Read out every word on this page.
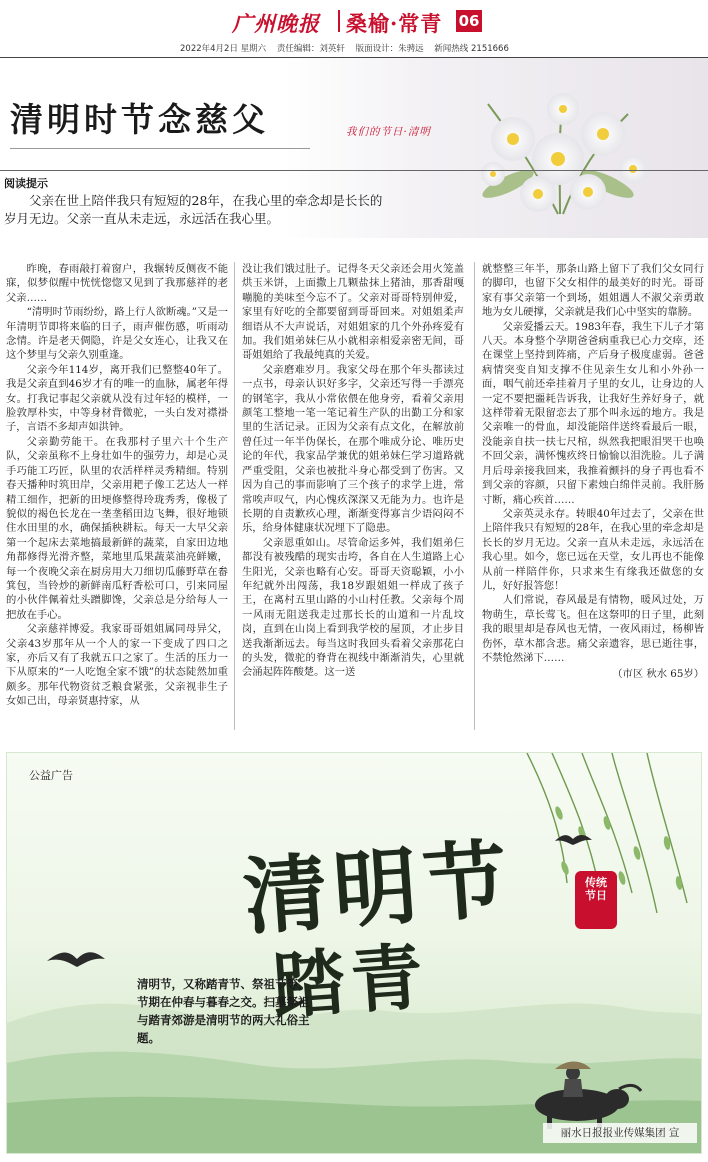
广州晚报 桑榆·常青 06
2022年4月2日 星期六 责任编辑：刘英轩 版面设计：朱骋远 新闻热线 2151666
清明时节念慈父	我们的节日·清明
阅读提示

父亲在世上陪伴我只有短短的28年，在我心里的牵念却是长长的岁月无边。父亲一直从未走远，永远活在我心里。

昨晚，春雨敲打着窗户，我辗转反侧夜不能寐，似梦似醒中恍恍惚惚又见到了我那慈祥的老父亲……

“清明时节雨纷纷，路上行人欲断魂。”又是一年清明节即将来临的日子，雨声催伤感，听雨动念情。许是老天倜隐，许是父女连心，让我又在这个梦里与父亲久别重逢。

父亲今年114岁，离开我们已整整40年了。我是父亲直到46岁才有的唯一的血脉，属老年得女。打我记事起父亲就从没有过年轻的模样，一脸敦厚朴实，中等身材背微驼，一头白发对襟褂子，言语不多却声如洪钟。

父亲勤劳能干。在我那村子里六十个生产队，父亲虽称不上身壮如牛的强劳力，却是心灵手巧能工巧匠，队里的农活样样灵秀精细。特别春天播种时筑田岸，父亲用耙子像工艺达人一样精工细作，把新的田埂修整得玲珑秀秀，像极了貌似的褐色长龙在一垄垄稻田边飞舞，很好地锁住水田里的水，确保插秧耕耘。每天一大早父亲第一个起床去菜地搞最新鲜的蔬菜，自家田边地角都修得光滑齐整，菜地里瓜果蔬菜油亮鲜嫩，每一个夜晚父亲在厨房用大刀细切瓜藤野草在畚箕包，当铃炒的新鲜南瓜籽香松可口，引来同屋的小伙伴佩着灶头蹭脚馋，父亲总是分给每人一把放在手心。

父亲慈祥博爱。我家哥哥姐姐属同母异父，父亲43岁那年从一个人的家一下变成了四口之家，亦后又有了我就五口之家了。生活的压力一下从原来的“一人吃饱全家不饿”的状态陡然加重颇多。那年代物资贫乏粮食紧张，父亲视非生子女如己出，母亲贤惠持家，从

没让我们饿过肚子。记得冬天父亲还会用火笼盖烘玉米饼，上面撒上几颗盐抹上猪油，那香甜嘎嘣脆的美味至今忘不了。父亲对哥哥特别伸爱，家里有好吃的全都要留到哥哥回来。对姐姐柔声细语从不大声说话，对姐姐家的几个外孙疼爱有加。我们姐弟妹仨从小就相亲相爱亲密无间，哥哥姐姐给了我最纯真的关爱。

父亲磨难岁月。我家父母在那个年头都读过一点书，母亲认识好多字，父亲还写得一手漂亮的钢笔字，我从小常依偎在他身旁，看着父亲用颜笔工整地一笔一笔记着生产队的出勤工分和家里的生活记录。正因为父亲有点文化，在解放前曾任过一年半伪保长，在那个唯成分论、唯历史论的年代，我家品学兼优的姐弟妹仨学习道路就严重受阻，父亲也被批斗身心都受到了伤害。又因为自己的事而影响了三个孩子的求学上进，常常唉声叹气，内心愧疚深深又无能为力。也许是长期的自责歉疚心理，渐渐变得寡言少语闷闷不乐，给身体健康状况埋下了隐患。

父亲恩重如山。尽管命运多舛，我们姐弟仨都没有被残酷的现实击垮，各自在人生道路上心生阳光，父亲也略有心安。哥哥天资聪颖，小小年纪就外出闯荡，我18岁跟姐姐一样成了孩子王，在离村五里山路的小山村任教。父亲每个周一风雨无阻送我走过那长长的山道和一片乱坟岗，直到在山岗上看到我学校的屋顶，才止步目送我渐渐远去。每当这时我回头看着父亲那花白的头发，微驼的脊背在视线中渐渐消失，心里就会涌起阵阵酸楚。这一送

就整整三年半，那条山路上留下了我们父女同行的脚印，也留下父女相伴的最美好的时光。哥哥家有事父亲第一个到场，姐姐遇人不淑父亲勇敢地为女儿硬撑，父亲就是我们心中坚实的靠膀。

父亲爱播云天。1983年春，我生下儿子才第八天。本身整个孕期爸爸病重我已心力交瘁，还在课堂上坚持到阵痛，产后身子极度虚弱。爸爸病情突变自知支撑不住见亲生女儿和小外孙一面，咽气前还牵挂着月子里的女儿，让身边的人一定不要把噩耗告诉我，让我好生养好身子，就这样带着无限留恋去了那个叫永远的地方。我是父亲唯一的骨血，却没能陪伴送终看最后一眼，没能亲自扶一扶七尺棺，纵然我把眼泪哭干也唤不回父亲，满怀愧疚终日愉愉以泪洗脸。儿子满月后母亲接我回来，我推着颤抖的身子再也看不到父亲的容颜，只留下素烛白绵伴灵前。我肝肠寸断，痛心疾首……

父亲英灵永存。转眼40年过去了，父亲在世上陪伴我只有短短的28年，在我心里的牵念却是长长的岁月无边。父亲一直从未走远，永远活在我心里。如今，您已远在天堂，女儿再也不能像从前一样陪伴你，只求来生有缘我还做您的女儿，好好报答您！

人们常说，春风最是有情物，暖风过处，万物萌生，草长莺飞。但在这祭叩的日子里，此刻我的眼里却是春风也无情，一夜风雨过，杨柳皆伤怀，草木都含悲。痛父亲遗容，思已逝往事，不禁怆然涕下……

（市区 秋水 65岁）
公益广告
清明节
踏青
传统
节日

清明节，又称踏青节、祭祖节等，节期在仲春与暮春之交。扫墓祭祖与踏青郊游是清明节的两大礼俗主题。

丽水日报报业传媒集团 宣
